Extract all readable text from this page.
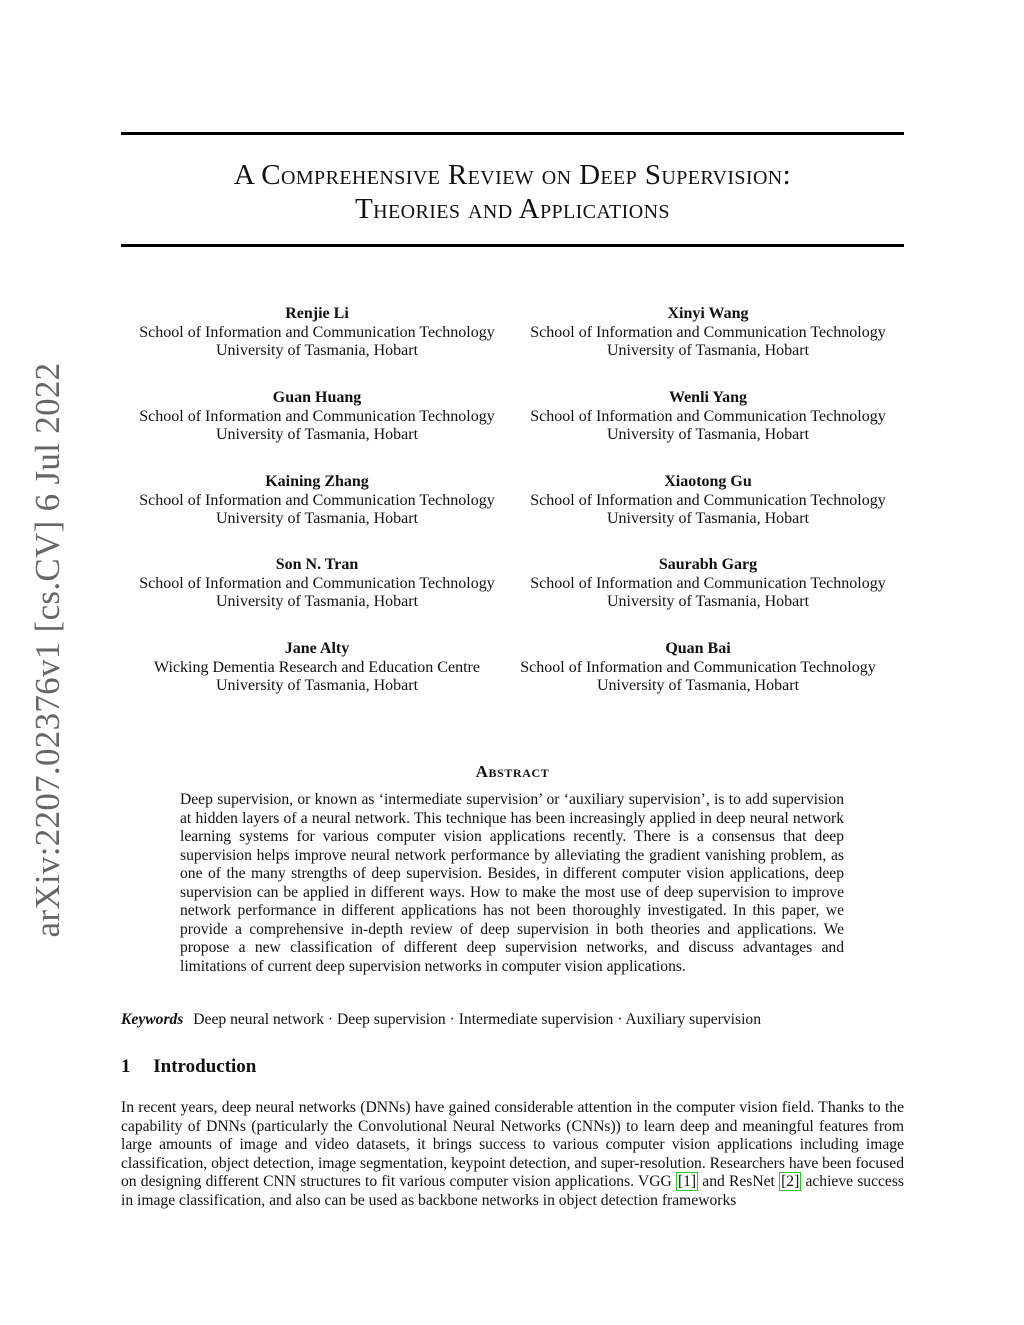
arXiv:2207.02376v1 [cs.CV] 6 Jul 2022
A Comprehensive Review on Deep Supervision:
Theories and Applications
Renjie Li
School of Information and Communication Technology
University of Tasmania, Hobart
Guan Huang
School of Information and Communication Technology
University of Tasmania, Hobart
Kaining Zhang
School of Information and Communication Technology
University of Tasmania, Hobart
Son N. Tran
School of Information and Communication Technology
University of Tasmania, Hobart
Jane Alty
Wicking Dementia Research and Education Centre
University of Tasmania, Hobart
Xinyi Wang
School of Information and Communication Technology
University of Tasmania, Hobart
Wenli Yang
School of Information and Communication Technology
University of Tasmania, Hobart
Xiaotong Gu
School of Information and Communication Technology
University of Tasmania, Hobart
Saurabh Garg
School of Information and Communication Technology
University of Tasmania, Hobart
Quan Bai
School of Information and Communication Technology
University of Tasmania, Hobart
Abstract
Deep supervision, or known as ‘intermediate supervision’ or ‘auxiliary supervision’, is to add supervision at hidden layers of a neural network. This technique has been increasingly applied in deep neural network learning systems for various computer vision applications recently. There is a consensus that deep supervision helps improve neural network performance by alleviating the gradient vanishing problem, as one of the many strengths of deep supervision. Besides, in different computer vision applications, deep supervision can be applied in different ways. How to make the most use of deep supervision to improve network performance in different applications has not been thoroughly investigated. In this paper, we provide a comprehensive in-depth review of deep supervision in both theories and applications. We propose a new classification of different deep supervision networks, and discuss advantages and limitations of current deep supervision networks in computer vision applications.
Keywords Deep neural network · Deep supervision · Intermediate supervision · Auxiliary supervision
1 Introduction
In recent years, deep neural networks (DNNs) have gained considerable attention in the computer vision field. Thanks to the capability of DNNs (particularly the Convolutional Neural Networks (CNNs)) to learn deep and meaningful features from large amounts of image and video datasets, it brings success to various computer vision applications including image classification, object detection, image segmentation, keypoint detection, and super-resolution. Researchers have been focused on designing different CNN structures to fit various computer vision applications. VGG [1] and ResNet [2] achieve success in image classification, and also can be used as backbone networks in object detection frameworks
